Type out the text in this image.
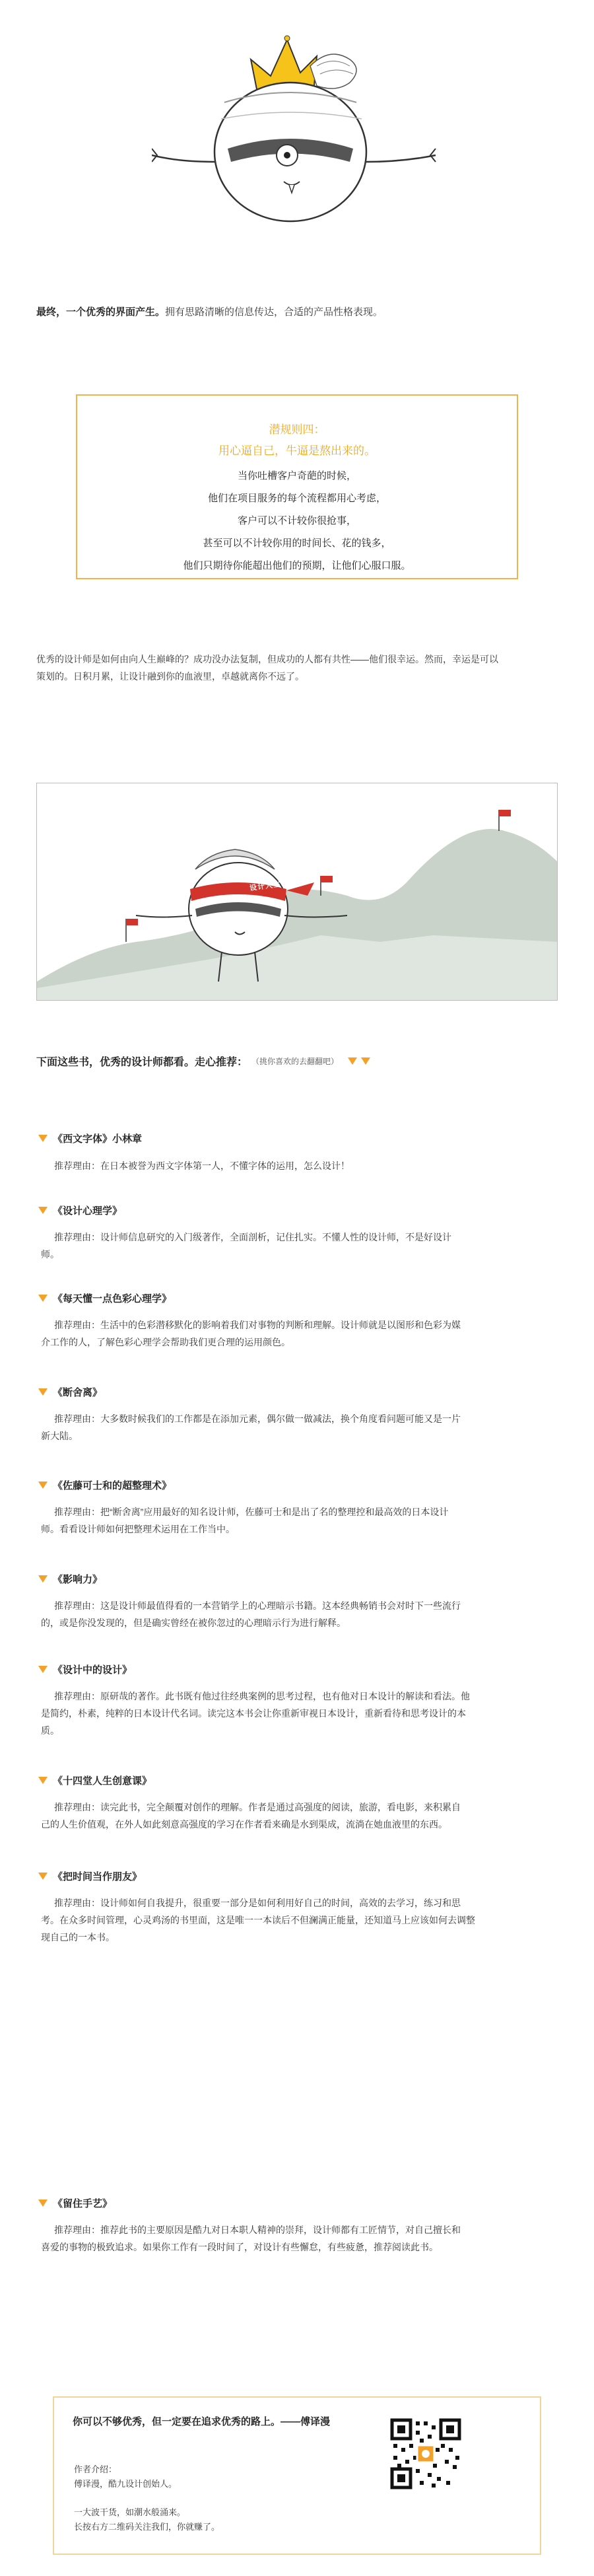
最终，一个优秀的界面产生。拥有思路清晰的信息传达，合适的产品性格表现。
潜规则四：
用心逼自己，牛逼是熬出来的。
当你吐槽客户奇葩的时候，
他们在项目服务的每个流程都用心考虑，
客户可以不计较你很抢事，
甚至可以不计较你用的时间长、花的钱多，
他们只期待你能超出他们的预期，让他们心服口服。
优秀的设计师是如何由向人生巅峰的？成功没办法复制，但成功的人都有共性——他们很幸运。然而，幸运是可以
策划的。日积月累，让设计融到你的血液里，卓越就离你不远了。
设计人生
下面这些书，优秀的设计师都看。走心推荐： （挑你喜欢的去翻翻吧）
《西文字体》小林章
推荐理由：在日本被誉为西文字体第一人，不懂字体的运用，怎么设计！
《设计心理学》
推荐理由：设计师信息研究的入门级著作，全面剖析，记住扎实。不懂人性的设计师，不是好设计
师。
《每天懂一点色彩心理学》
推荐理由：生活中的色彩潜移默化的影响着我们对事物的判断和理解。设计师就是以图形和色彩为媒
介工作的人，了解色彩心理学会帮助我们更合理的运用颜色。
《断舍离》
推荐理由：大多数时候我们的工作都是在添加元素，偶尔做一做减法，换个角度看问题可能又是一片
新大陆。
《佐藤可士和的超整理术》
推荐理由：把“断舍离”应用最好的知名设计师，佐藤可士和是出了名的整理控和最高效的日本设计
师。看看设计师如何把整理术运用在工作当中。
《影响力》
推荐理由：这是设计师最值得看的一本营销学上的心理暗示书籍。这本经典畅销书会对时下一些流行
的，或是你没发现的，但是确实曾经在被你忽过的心理暗示行为进行解释。
《设计中的设计》
推荐理由：原研哉的著作。此书既有他过往经典案例的思考过程，也有他对日本设计的解读和看法。他
是简约，朴素，纯粹的日本设计代名词。读完这本书会让你重新审视日本设计，重新看待和思考设计的本
质。
《十四堂人生创意课》
推荐理由：读完此书，完全颠覆对创作的理解。作者是通过高强度的阅读，旅游，看电影，来积累自
己的人生价值观，在外人如此刻意高强度的学习在作者看来确是水到渠成，流淌在她血液里的东西。
《把时间当作朋友》
推荐理由：设计师如何自我提升，很重要一部分是如何利用好自己的时间，高效的去学习，练习和思
考。在众多时间管理，心灵鸡汤的书里面，这是唯一一本读后不但澜满正能量，还知道马上应该如何去调整
现自己的一本书。
《留住手艺》
推荐理由：推荐此书的主要原因是酷九对日本职人精神的崇拜，设计师都有工匠情节，对自己擅长和
喜爱的事物的极致追求。如果你工作有一段时间了，对设计有些懈怠，有些疲惫，推荐阅读此书。
你可以不够优秀，但一定要在追求优秀的路上。——傅译漫
作者介绍：
傅译漫，酷九设计创始人。
一大波干货，如潮水般涌来。
长按右方二维码关注我们，你就赚了。
